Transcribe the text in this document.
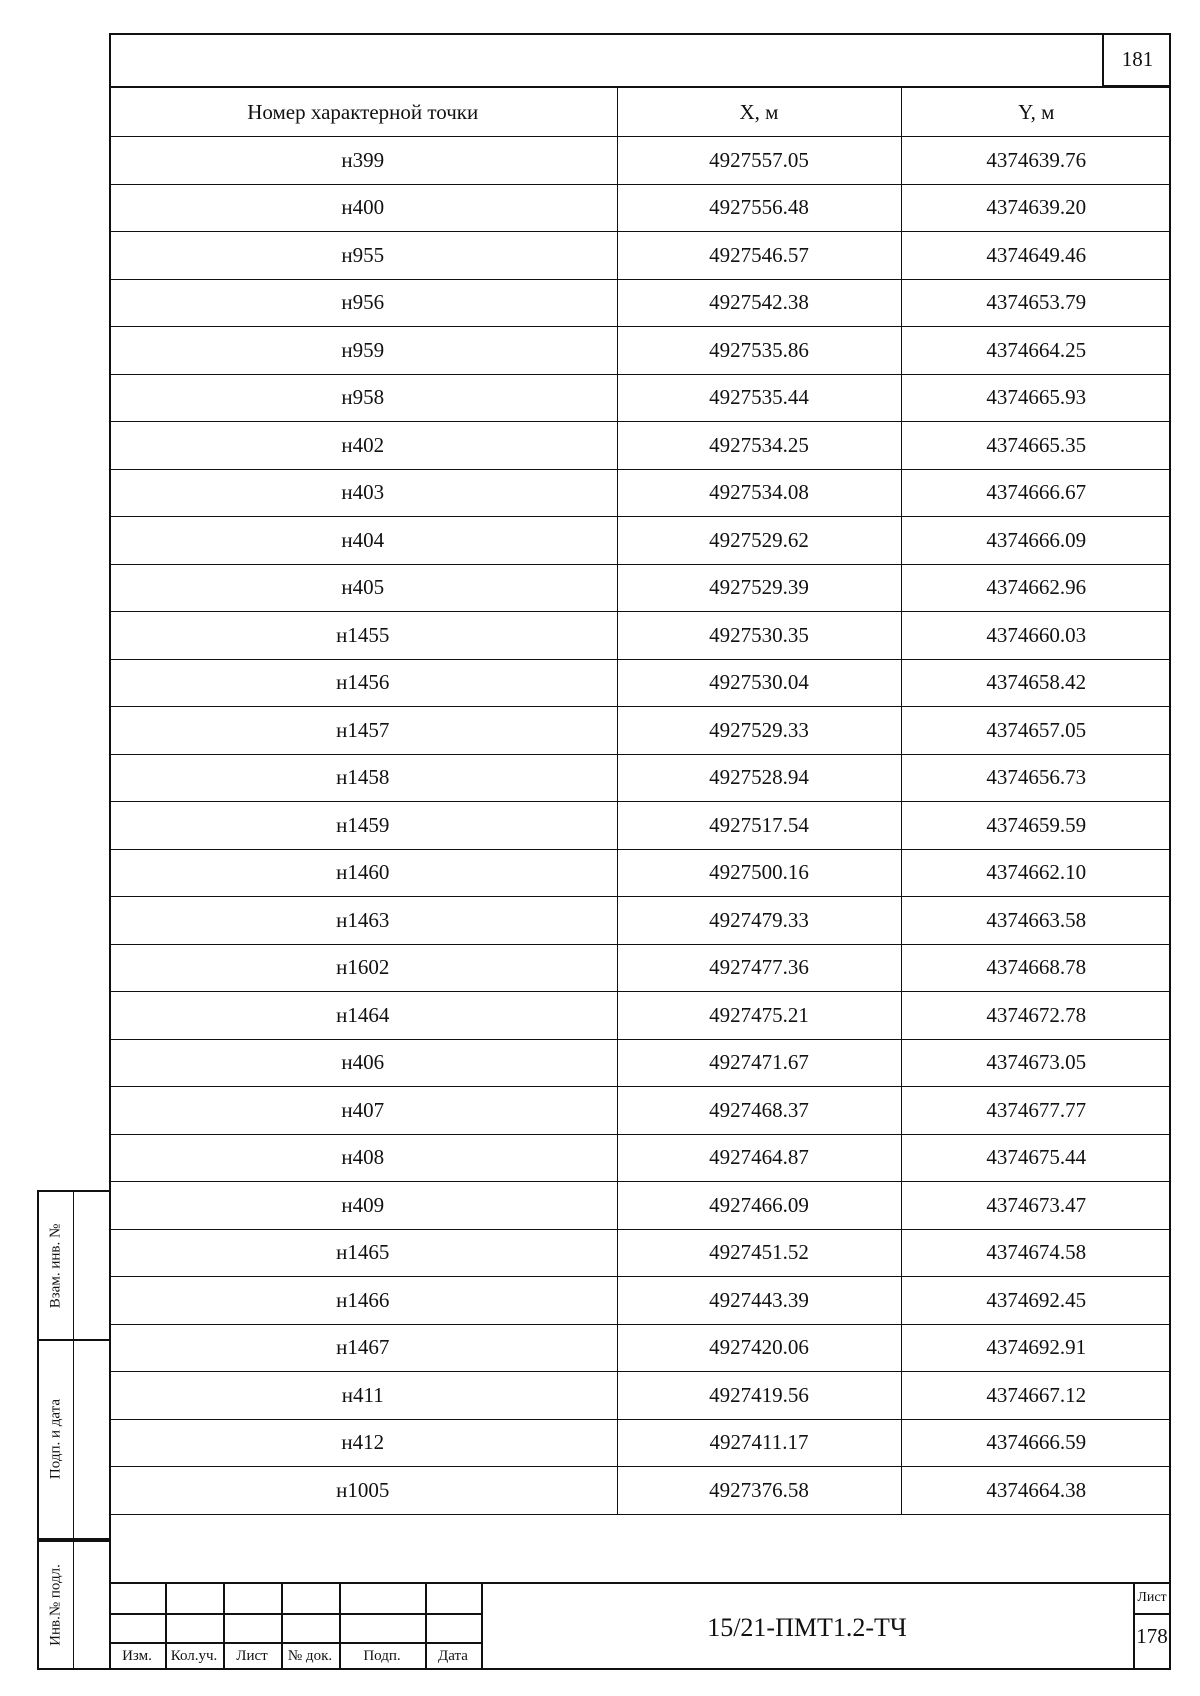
181
Номер характерной точки	X, м	Y, м
н399	4927557.05	4374639.76
н400	4927556.48	4374639.20
н955	4927546.57	4374649.46
н956	4927542.38	4374653.79
н959	4927535.86	4374664.25
н958	4927535.44	4374665.93
н402	4927534.25	4374665.35
н403	4927534.08	4374666.67
н404	4927529.62	4374666.09
н405	4927529.39	4374662.96
н1455	4927530.35	4374660.03
н1456	4927530.04	4374658.42
н1457	4927529.33	4374657.05
н1458	4927528.94	4374656.73
н1459	4927517.54	4374659.59
н1460	4927500.16	4374662.10
н1463	4927479.33	4374663.58
н1602	4927477.36	4374668.78
н1464	4927475.21	4374672.78
н406	4927471.67	4374673.05
н407	4927468.37	4374677.77
н408	4927464.87	4374675.44
н409	4927466.09	4374673.47
н1465	4927451.52	4374674.58
н1466	4927443.39	4374692.45
н1467	4927420.06	4374692.91
н411	4927419.56	4374667.12
н412	4927411.17	4374666.59
н1005	4927376.58	4374664.38
Взам. инв. №
Подп. и дата
Инв.№ подл.
Изм.	Кол.уч.	Лист	№ док.	Подп.	Дата
15/21-ПМТ1.2-ТЧ
Лист
178
